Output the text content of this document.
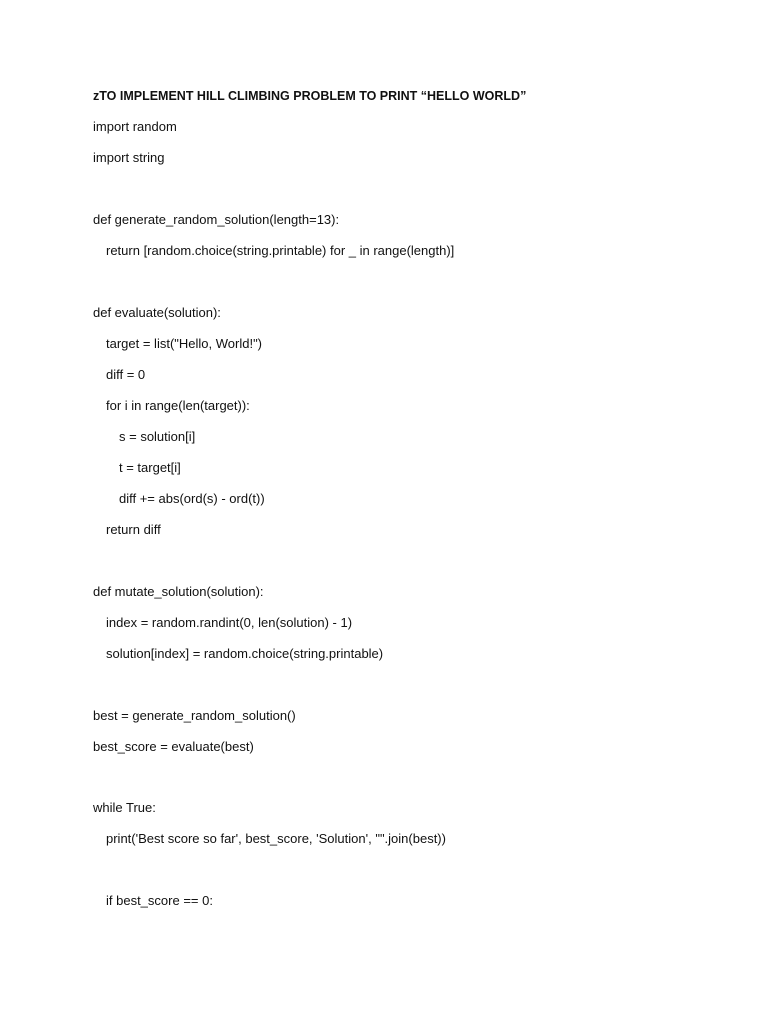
zTO IMPLEMENT HILL CLIMBING PROBLEM TO PRINT “HELLO WORLD”
import random
import string
def generate_random_solution(length=13):
return [random.choice(string.printable) for _ in range(length)]
def evaluate(solution):
target = list("Hello, World!")
diff = 0
for i in range(len(target)):
s = solution[i]
t = target[i]
diff += abs(ord(s) - ord(t))
return diff
def mutate_solution(solution):
index = random.randint(0, len(solution) - 1)
solution[index] = random.choice(string.printable)
best = generate_random_solution()
best_score = evaluate(best)
while True:
print('Best score so far', best_score, 'Solution', "".join(best))
if best_score == 0:
